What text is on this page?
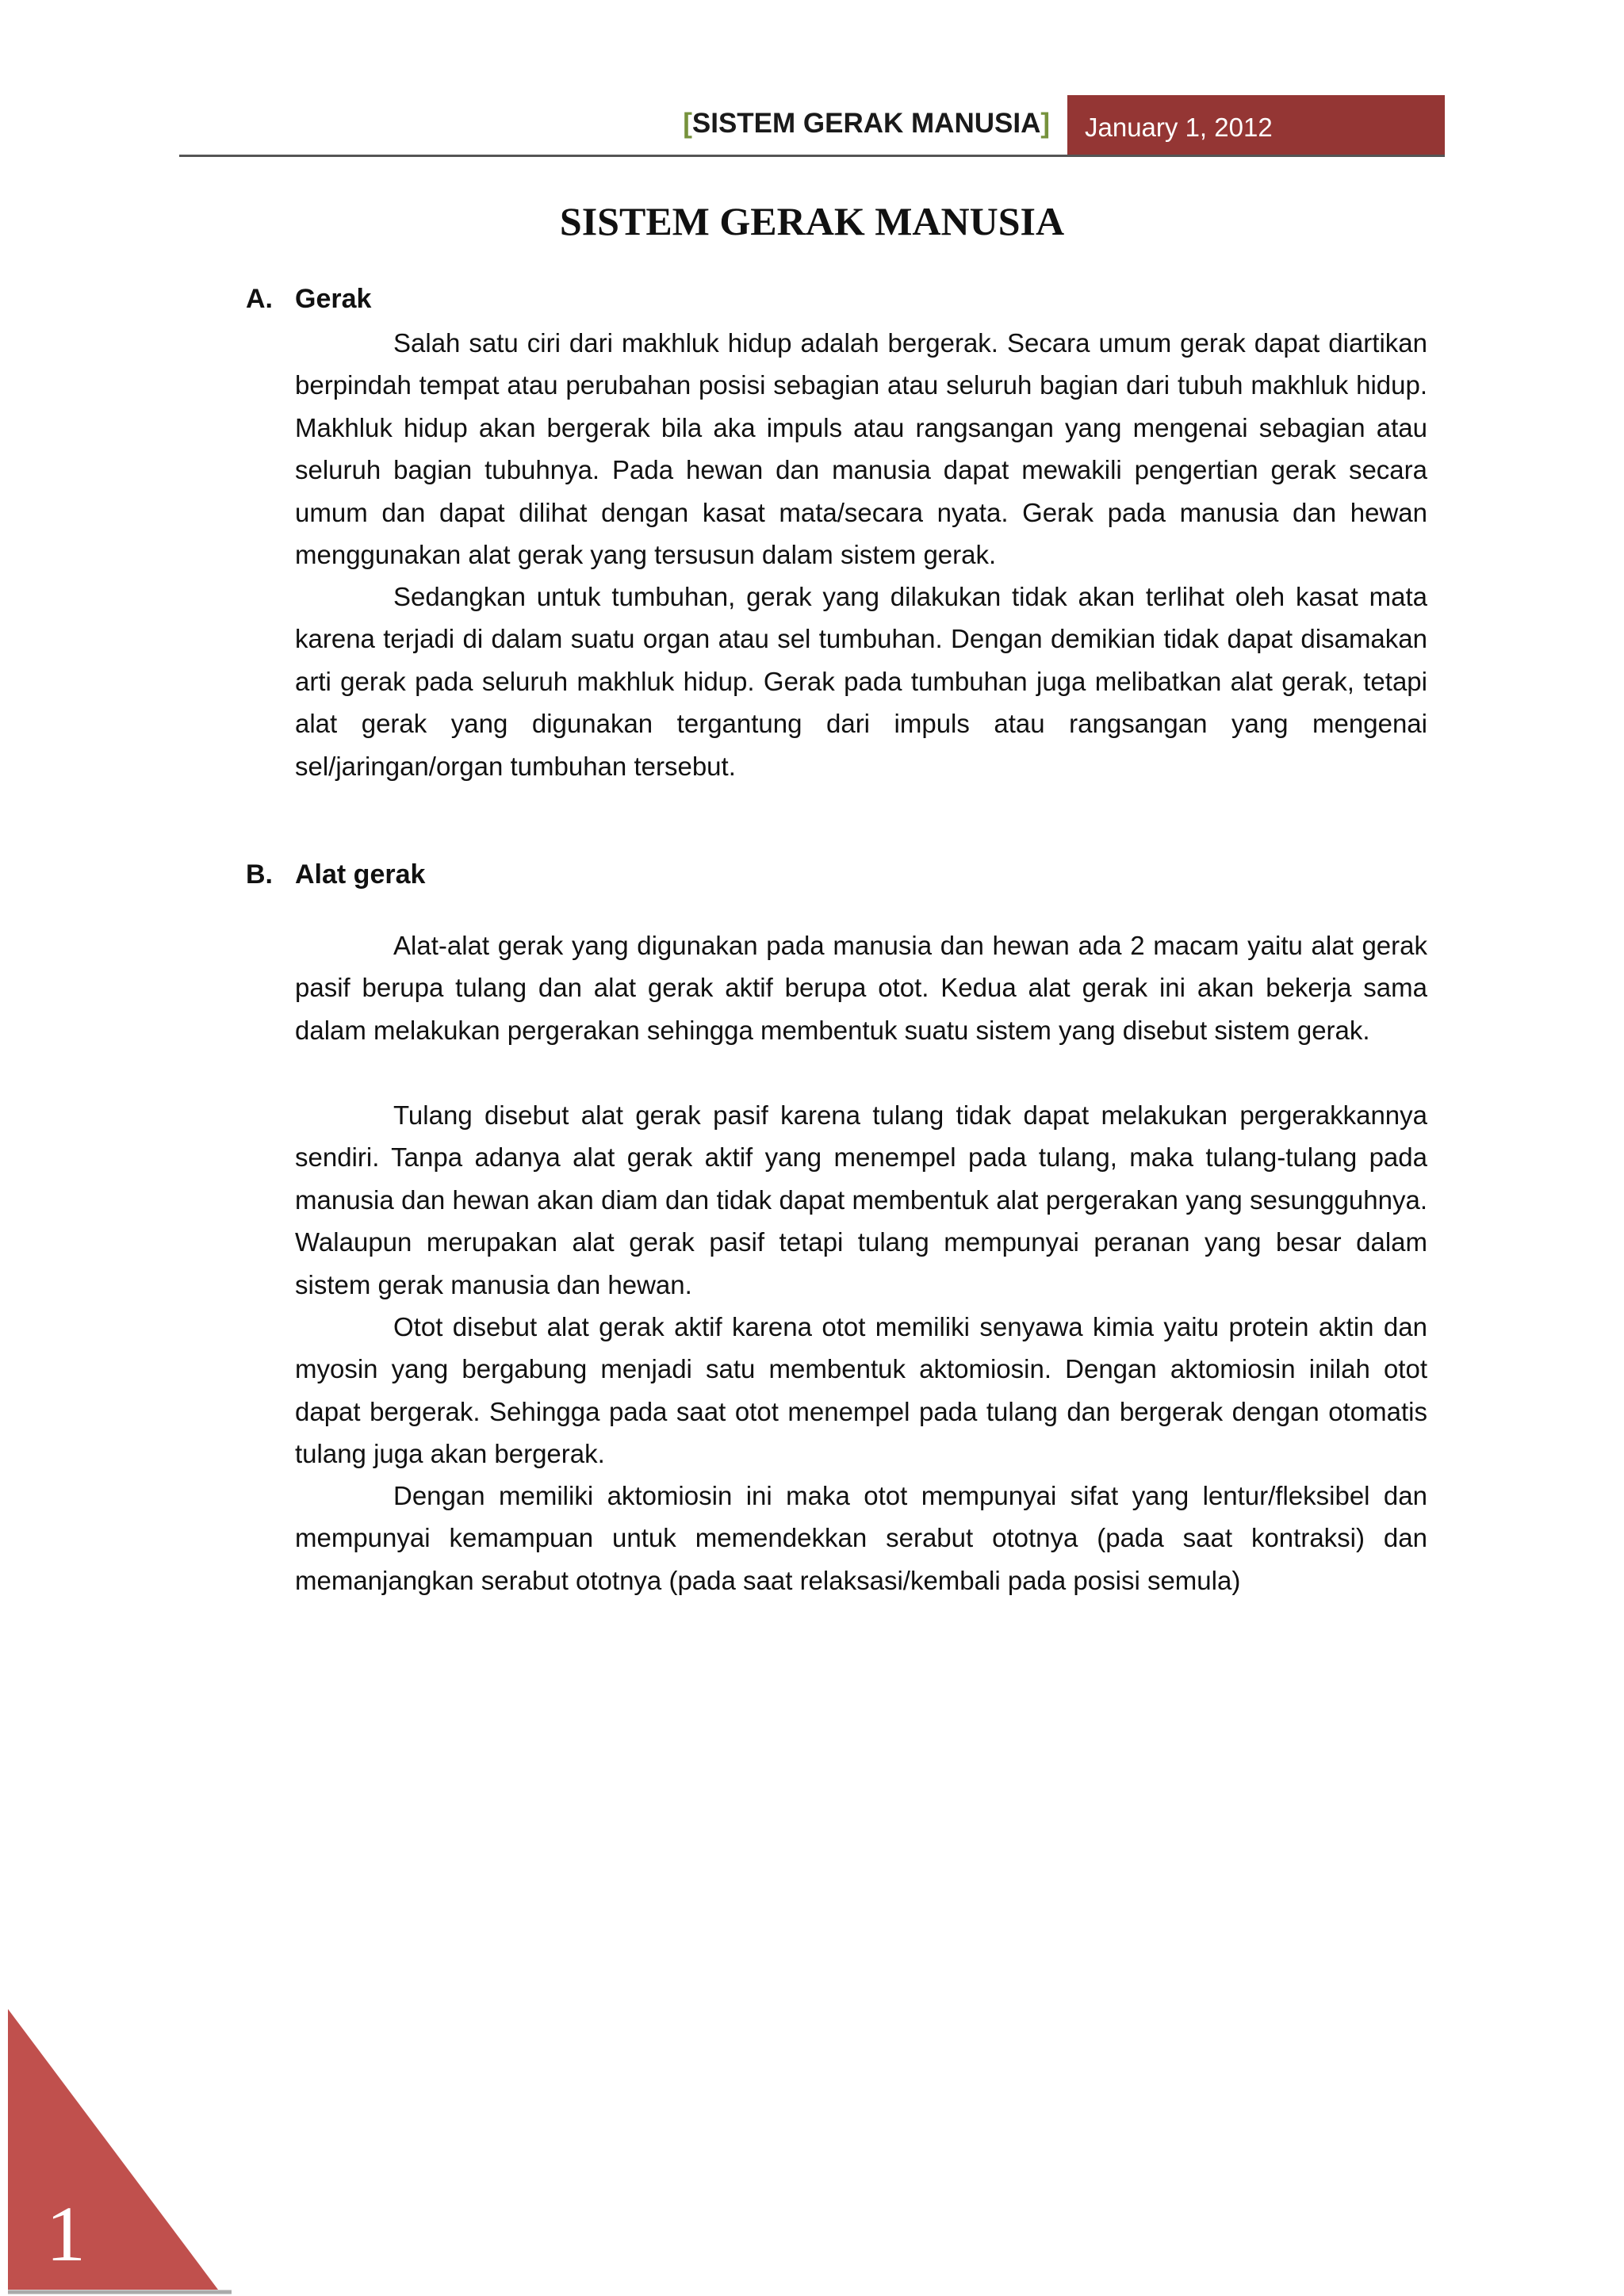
[SISTEM GERAK MANUSIA] January 1, 2012
SISTEM GERAK MANUSIA
A. Gerak

Salah satu ciri dari makhluk hidup adalah bergerak. Secara umum gerak dapat diartikan berpindah tempat atau perubahan posisi sebagian atau seluruh bagian dari tubuh makhluk hidup. Makhluk hidup akan bergerak bila aka impuls atau rangsangan yang mengenai sebagian atau seluruh bagian tubuhnya. Pada hewan dan manusia dapat mewakili pengertian gerak secara umum dan dapat dilihat dengan kasat mata/secara nyata. Gerak pada manusia dan hewan menggunakan alat gerak yang tersusun dalam sistem gerak.

Sedangkan untuk tumbuhan, gerak yang dilakukan tidak akan terlihat oleh kasat mata karena terjadi di dalam suatu organ atau sel tumbuhan. Dengan demikian tidak dapat disamakan arti gerak pada seluruh makhluk hidup. Gerak pada tumbuhan juga melibatkan alat gerak, tetapi alat gerak yang digunakan tergantung dari impuls atau rangsangan yang mengenai sel/jaringan/organ tumbuhan tersebut.

B. Alat gerak

Alat-alat gerak yang digunakan pada manusia dan hewan ada 2 macam yaitu alat gerak pasif berupa tulang dan alat gerak aktif berupa otot. Kedua alat gerak ini akan bekerja sama dalam melakukan pergerakan sehingga membentuk suatu sistem yang disebut sistem gerak.

Tulang disebut alat gerak pasif karena tulang tidak dapat melakukan pergerakkannya sendiri. Tanpa adanya alat gerak aktif yang menempel pada tulang, maka tulang-tulang pada manusia dan hewan akan diam dan tidak dapat membentuk alat pergerakan yang sesungguhnya. Walaupun merupakan alat gerak pasif tetapi tulang mempunyai peranan yang besar dalam sistem gerak manusia dan hewan.

Otot disebut alat gerak aktif karena otot memiliki senyawa kimia yaitu protein aktin dan myosin yang bergabung menjadi satu membentuk aktomiosin. Dengan aktomiosin inilah otot dapat bergerak. Sehingga pada saat otot menempel pada tulang dan bergerak dengan otomatis tulang juga akan bergerak.

Dengan memiliki aktomiosin ini maka otot mempunyai sifat yang lentur/fleksibel dan mempunyai kemampuan untuk memendekkan serabut ototnya (pada saat kontraksi) dan memanjangkan serabut ototnya (pada saat relaksasi/kembali pada posisi semula)

1
